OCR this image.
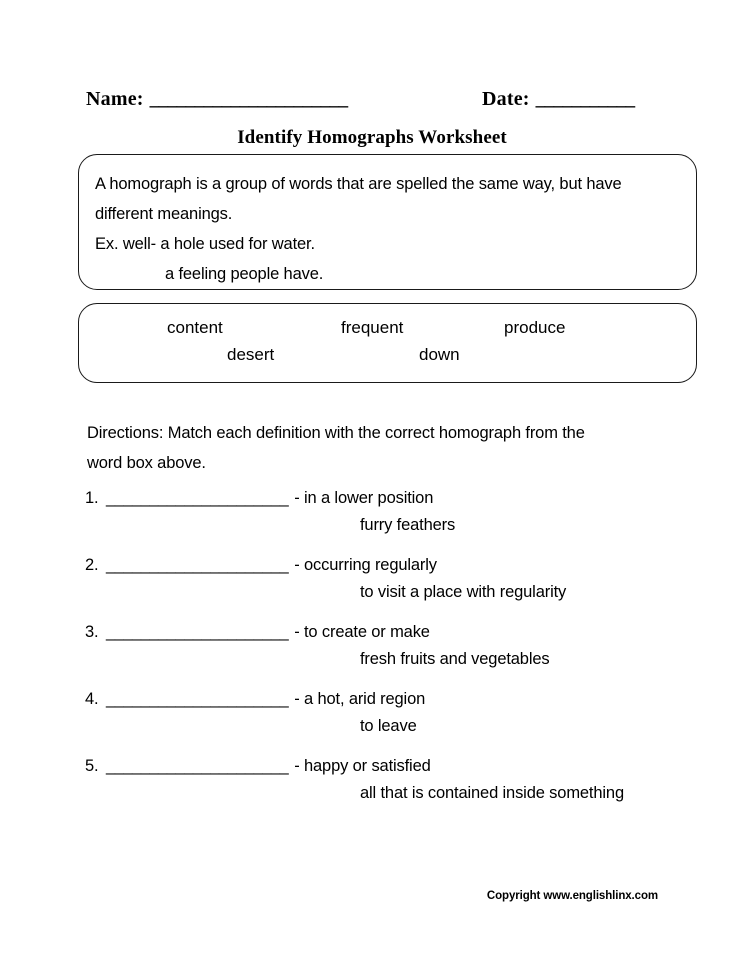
Name: ______________________	Date: ___________
Identify Homographs Worksheet
A homograph is a group of words that are spelled the same way, but have
different meanings.
Ex. well- a hole used for water.
a feeling people have.
content	frequent	produce
desert	down
Directions: Match each definition with the correct homograph from the
word box above.
1. _____________________ - in a lower position
furry feathers
2. _____________________ - occurring regularly
to visit a place with regularity
3. _____________________ - to create or make
fresh fruits and vegetables
4. _____________________ - a hot, arid region
to leave
5. _____________________ - happy or satisfied
all that is contained inside something
Copyright www.englishlinx.com
